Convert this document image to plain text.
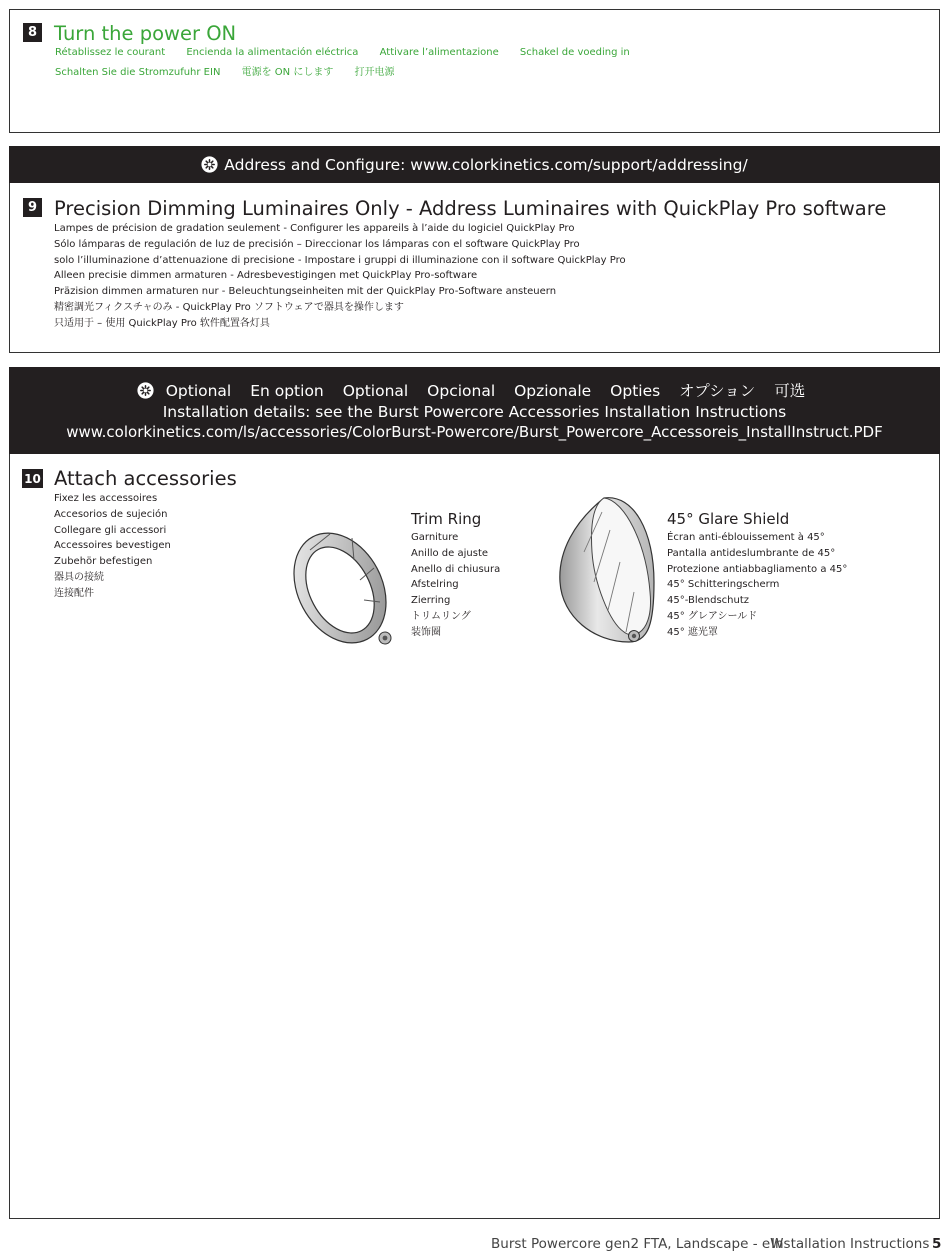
8 Turn the power ON
Rétablissez le courant Encienda la alimentación eléctrica Attivare l’alimentazione Schakel de voeding in
Schalten Sie die Stromzufuhr EIN 電源を ON にします 打开电源
Address and Configure: www.colorkinetics.com/support/addressing/
9 Precision Dimming Luminaires Only - Address Luminaires with QuickPlay Pro software
Lampes de précision de gradation seulement - Configurer les appareils à l’aide du logiciel QuickPlay Pro
Sólo lámparas de regulación de luz de precisión – Direccionar los lámparas con el software QuickPlay Pro
solo l’illuminazione d’attenuazione di precisione - Impostare i gruppi di illuminazione con il software QuickPlay Pro
Alleen precisie dimmen armaturen - Adresbevestigingen met QuickPlay Pro-software
Präzision dimmen armaturen nur - Beleuchtungseinheiten mit der QuickPlay Pro-Software ansteuern
精密調光フィクスチャのみ - QuickPlay Pro ソフトウェアで器具を操作します
只适用于 – 使用 QuickPlay Pro 软件配置各灯具
Optional En option Optional Opcional Opzionale Opties オプション 可选
Installation details: see the Burst Powercore Accessories Installation Instructions
www.colorkinetics.com/ls/accessories/ColorBurst-Powercore/Burst_Powercore_Accessoreis_InstallInstruct.PDF
10 Attach accessories
Fixez les accessoires
Accesorios de sujeción
Collegare gli accessori
Accessoires bevestigen
Zubehör befestigen
器具の接続
连接配件
Trim Ring
Garniture
Anillo de ajuste
Anello di chiusura
Afstelring
Zierring
トリムリング
装饰圈
45° Glare Shield
Écran anti-éblouissement à 45°
Pantalla antideslumbrante de 45°
Protezione antiabbagliamento a 45°
45° Schitteringscherm
45°-Blendschutz
45° グレアシールド
45° 遮光罩
Burst Powercore gen2 FTA, Landscape - eW
Installation Instructions 5
